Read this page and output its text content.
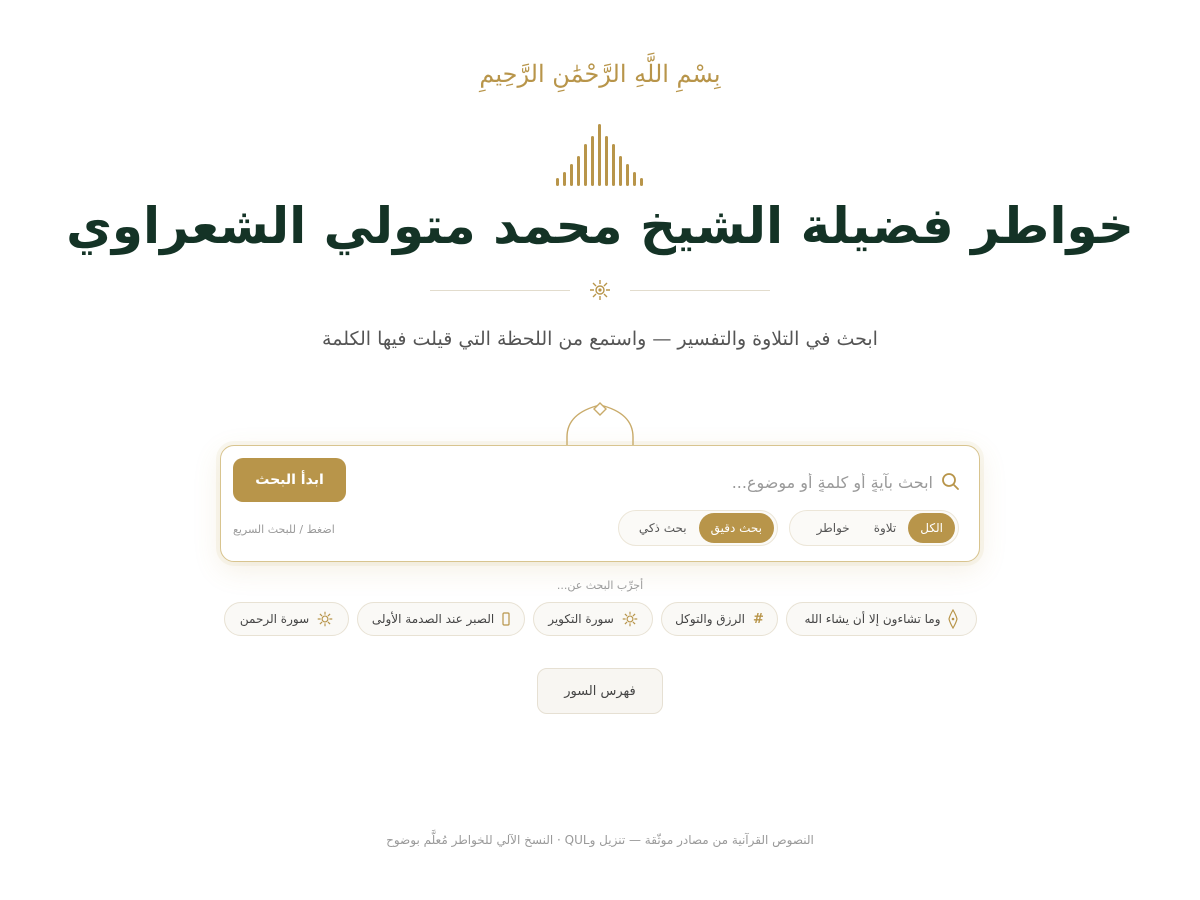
بِسْمِ اللَّهِ الرَّحْمَٰنِ الرَّحِيمِ
خواطر فضيلة الشيخ محمد متولي الشعراوي
ابحث في التلاوة والتفسير — واستمع من اللحظة التي قيلت فيها الكلمة
ابحث بآيةٍ أو كلمةٍ أو موضوعٍ...
ابدأ البحث
الكل
تلاوة
خواطر
بحث دقيق
بحث ذكي
اضغط / للبحث السريع
أجرِّب البحث عن...
وما تشاءون إلا أن يشاء الله
#
الرزق والتوكل
سورة التكوير
الصبر عند الصدمة الأولى
سورة الرحمن
فهرس السور
النصوص القرآنية من مصادر موثّقة — تنزيل وQUL · النسخ الآلي للخواطر مُعلَّم بوضوح
